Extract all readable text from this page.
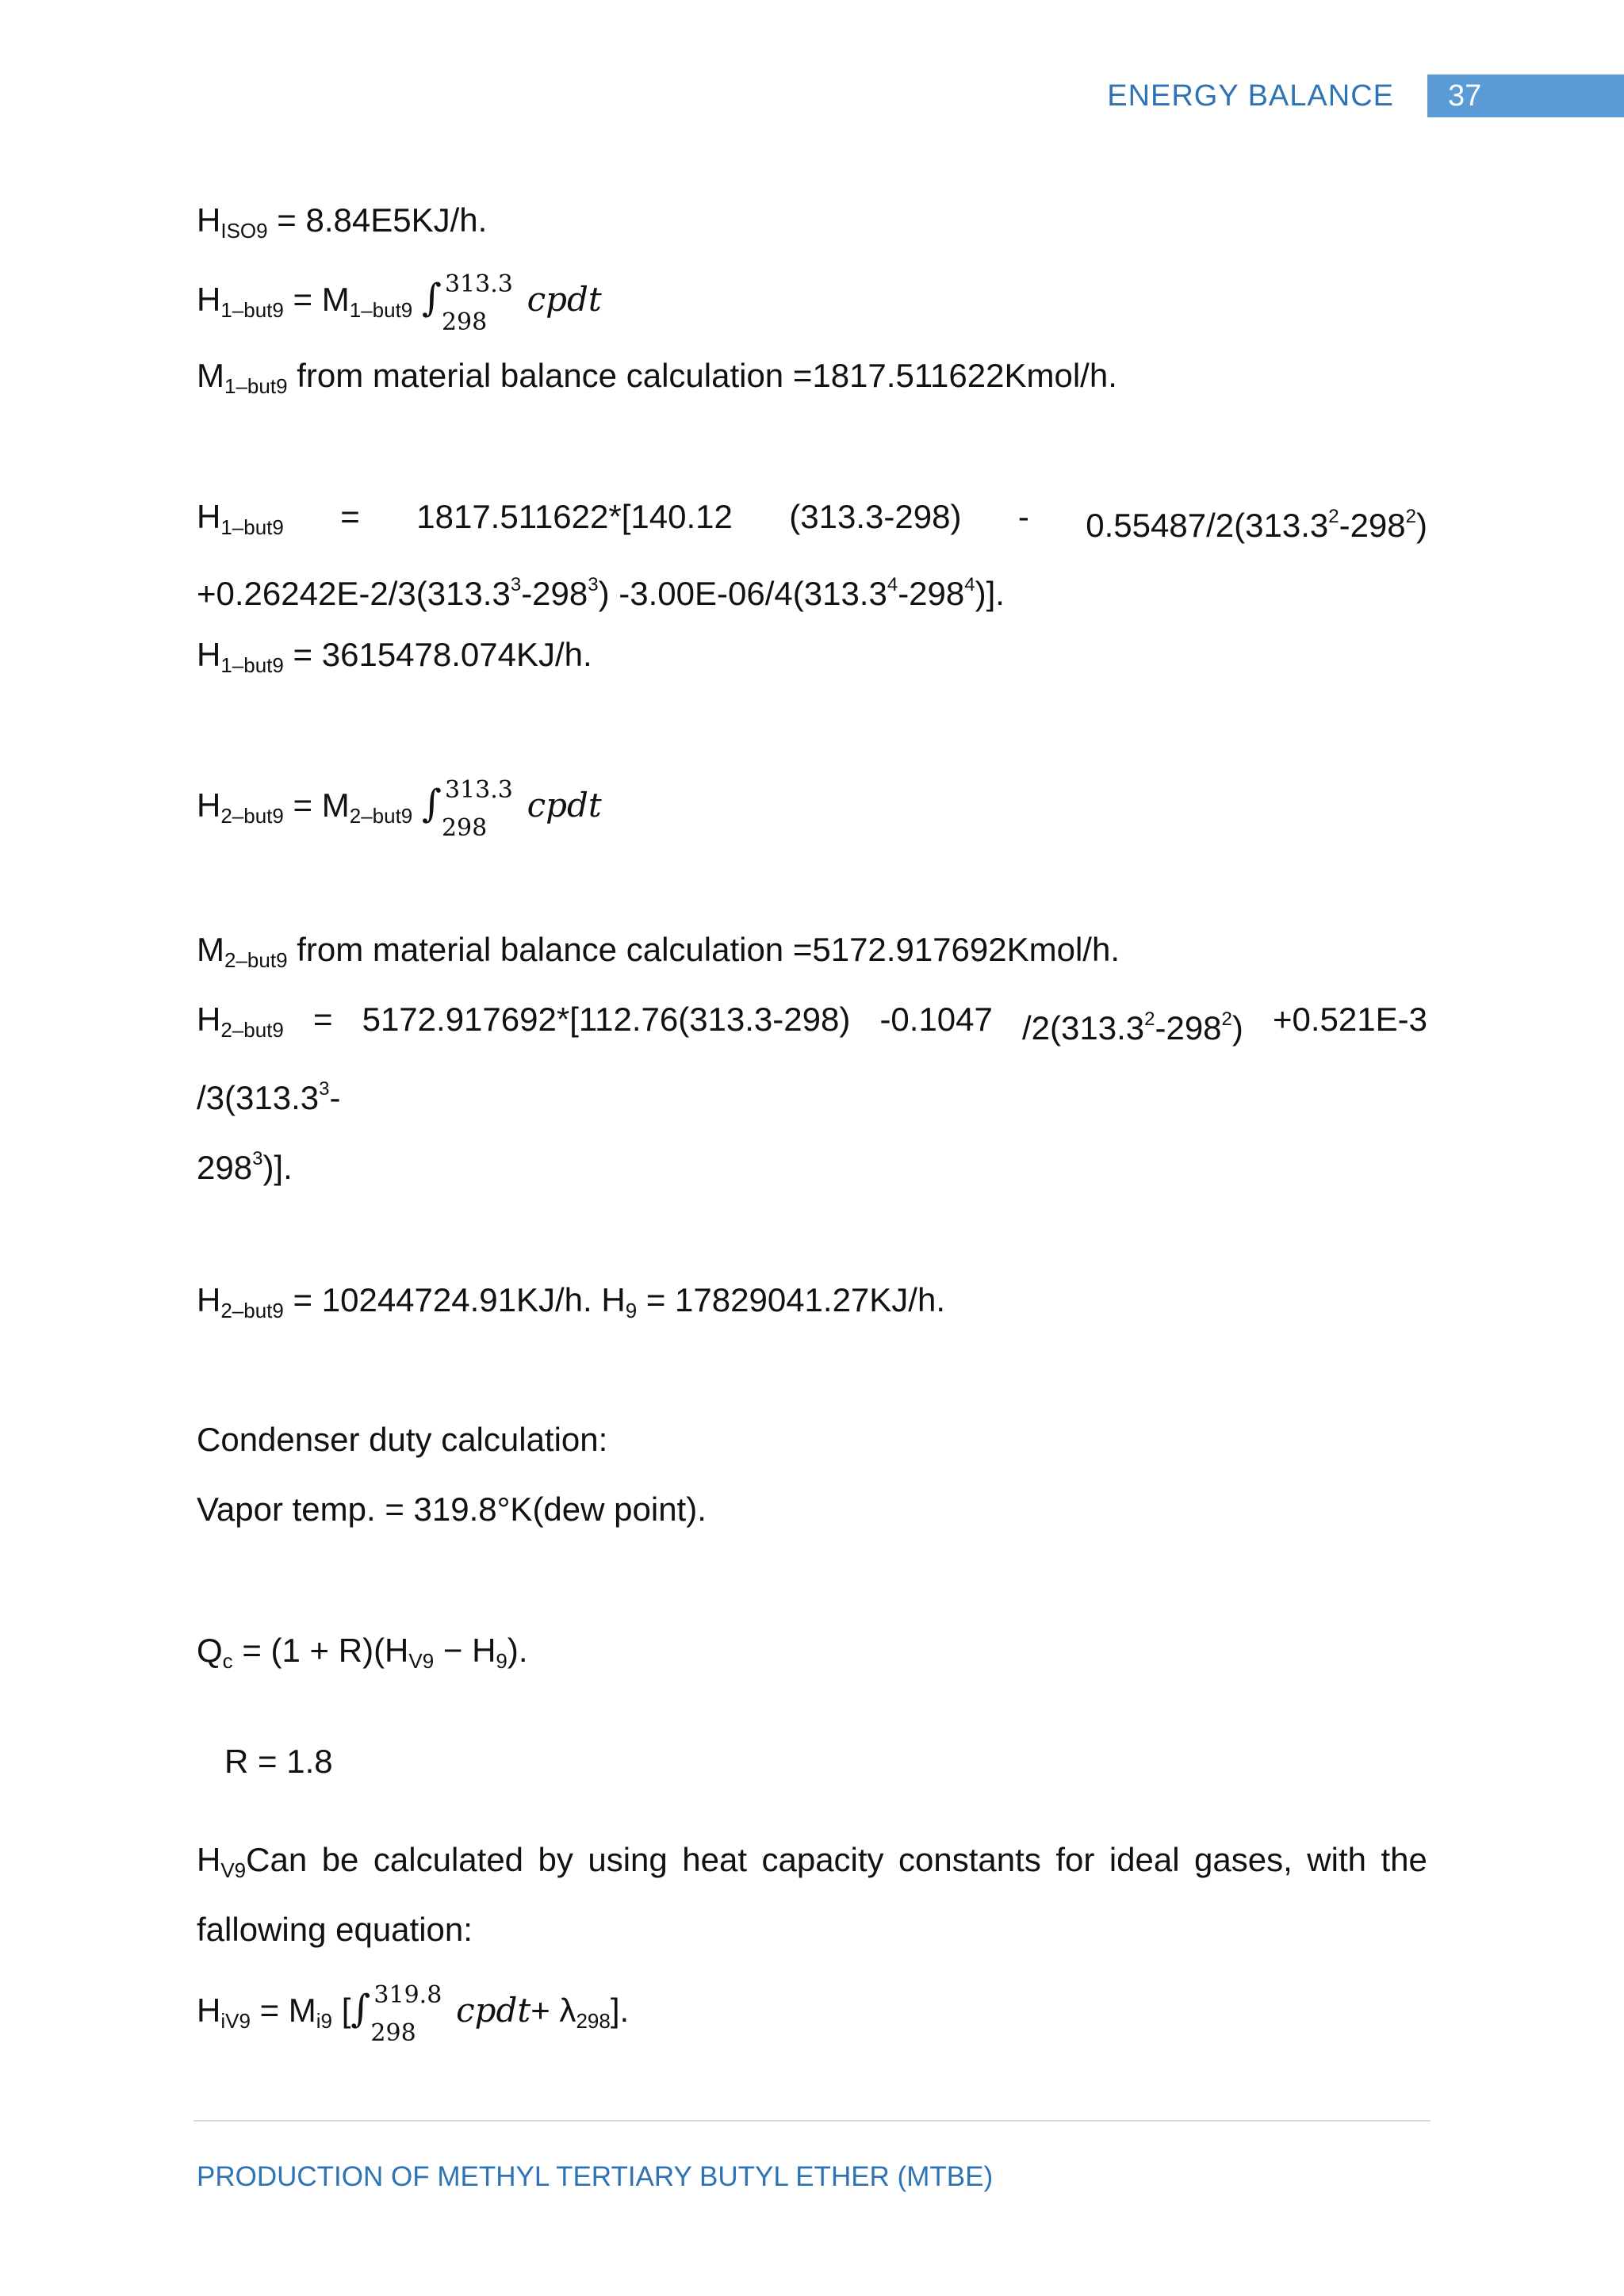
ENERGY BALANCE	37
$H_{ISO9} = 8.84E5KJ/h$.
$H_{1-but9} = M_{1-but9}$ ∫ 313.3
298
cpdt
$M_{1-but9}$ from material balance calculation =1817.511622Kmol/h.
$H_{1-but9} = 1817.511622*[140.12$ $(313.3-298) - 0.55487/2(313.3^2-298^2)$
$+0.26242E-2/3(313.3^3-298^3)$ $-3.00E-06/4(313.3^4-298^4)$].
$H_{1-but9} = 3615478.074KJ/h$.
$H_{2-but9} = M_{2-but9}$ ∫ 313.3
298
cpdt
$M_{2-but9}$ from material balance calculation =5172.917692Kmol/h.
$H_{2-but9} = 5172.917692*[112.76(313.3-298)$ -0.1047 $/2(313.3^2-298^2) +0.521E-3$
/3(313.3$^3$-
$298^3$)].
$H_{2-but9} = 10244724.91KJ/h$. $H_9 = 17829041.27KJ/h$.
Condenser duty calculation:
Vapor temp. = 319.8°K(dew point).
$Q_c = (1 + R)(H_{V9} - H_9)$.

R = 1.8

$H_{V9}Can$ be calculated by using heat capacity constants for ideal gases, with the
fallowing equation:
$H_{iV9} = M_{i9}$ [∫ 319.8
298
cpdt+ $\lambda_{298}$].
PRODUCTION OF METHYL TERTIARY BUTYL ETHER (MTBE)
